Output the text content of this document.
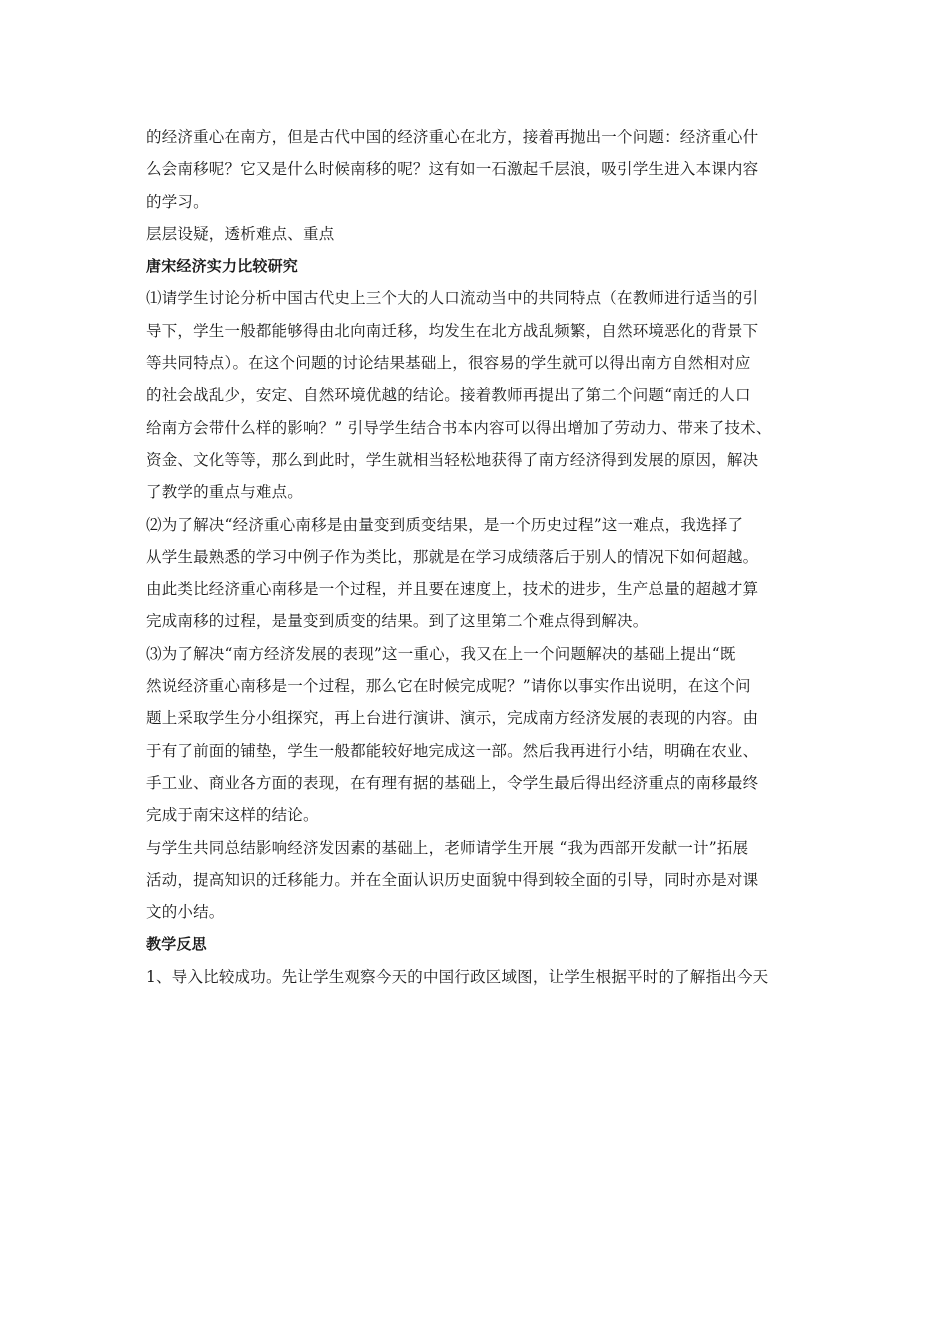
的经济重心在南方，但是古代中国的经济重心在北方，接着再抛出一个问题：经济重心什
么会南移呢？它又是什么时候南移的呢？这有如一石激起千层浪，吸引学生进入本课内容
的学习。
层层设疑，透析难点、重点
唐宋经济实力比较研究
⑴请学生讨论分析中国古代史上三个大的人口流动当中的共同特点（在教师进行适当的引
导下，学生一般都能够得由北向南迁移，均发生在北方战乱频繁，自然环境恶化的背景下
等共同特点）。在这个问题的讨论结果基础上，很容易的学生就可以得出南方自然相对应
的社会战乱少，安定、自然环境优越的结论。接着教师再提出了第二个问题“南迁的人口
给南方会带什么样的影响？” 引导学生结合书本内容可以得出增加了劳动力、带来了技术、
资金、文化等等，那么到此时，学生就相当轻松地获得了南方经济得到发展的原因，解决
了教学的重点与难点。
⑵为了解决“经济重心南移是由量变到质变结果，是一个历史过程”这一难点，我选择了
从学生最熟悉的学习中例子作为类比，那就是在学习成绩落后于别人的情况下如何超越。
由此类比经济重心南移是一个过程，并且要在速度上，技术的进步，生产总量的超越才算
完成南移的过程，是量变到质变的结果。到了这里第二个难点得到解决。
⑶为了解决“南方经济发展的表现”这一重心，我又在上一个问题解决的基础上提出“既
然说经济重心南移是一个过程，那么它在时候完成呢？”请你以事实作出说明，在这个问
题上采取学生分小组探究，再上台进行演讲、演示，完成南方经济发展的表现的内容。由
于有了前面的铺垫，学生一般都能较好地完成这一部。然后我再进行小结，明确在农业、
手工业、商业各方面的表现，在有理有据的基础上，令学生最后得出经济重点的南移最终
完成于南宋这样的结论。
与学生共同总结影响经济发因素的基础上，老师请学生开展 “我为西部开发献一计”拓展
活动，提高知识的迁移能力。并在全面认识历史面貌中得到较全面的引导，同时亦是对课
文的小结。
教学反思
1、导入比较成功。先让学生观察今天的中国行政区域图，让学生根据平时的了解指出今天
